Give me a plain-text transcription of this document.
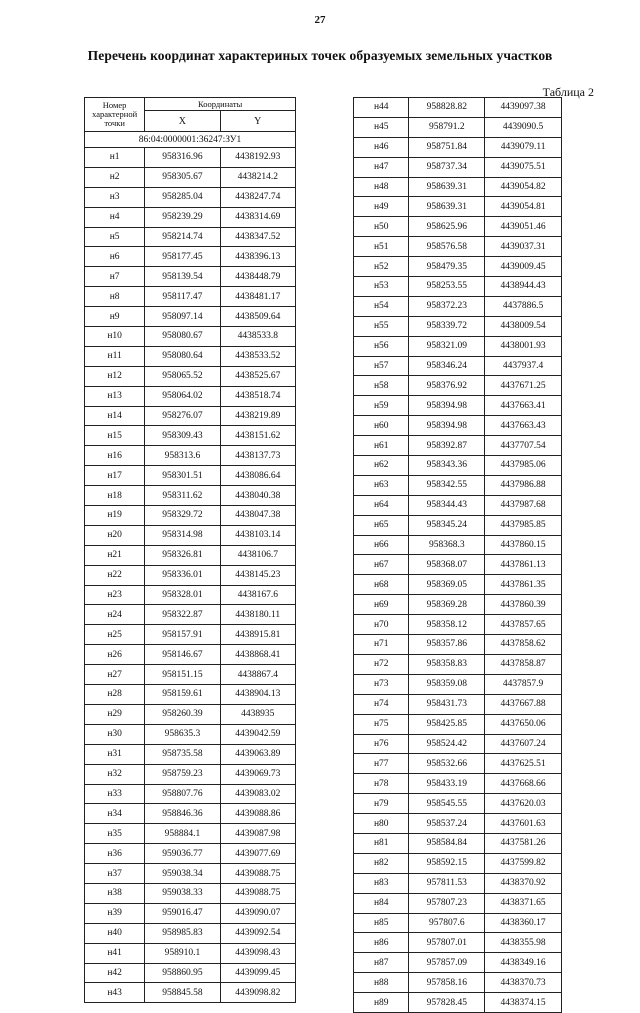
27
Перечень координат характериных точек образуемых земельных участков
Таблица 2
Номер характерной точки	Координаты	
	X	Y
86:04:0000001:36247:ЗУ1		
н1	958316.96	4438192.93
н2	958305.67	4438214.2
н3	958285.04	4438247.74
н4	958239.29	4438314.69
н5	958214.74	4438347.52
н6	958177.45	4438396.13
н7	958139.54	4438448.79
н8	958117.47	4438481.17
н9	958097.14	4438509.64
н10	958080.67	4438533.8
н11	958080.64	4438533.52
н12	958065.52	4438525.67
н13	958064.02	4438518.74
н14	958276.07	4438219.89
н15	958309.43	4438151.62
н16	958313.6	4438137.73
н17	958301.51	4438086.64
н18	958311.62	4438040.38
н19	958329.72	4438047.38
н20	958314.98	4438103.14
н21	958326.81	4438106.7
н22	958336.01	4438145.23
н23	958328.01	4438167.6
н24	958322.87	4438180.11
н25	958157.91	4438915.81
н26	958146.67	4438868.41
н27	958151.15	4438867.4
н28	958159.61	4438904.13
н29	958260.39	4438935
н30	958635.3	4439042.59
н31	958735.58	4439063.89
н32	958759.23	4439069.73
н33	958807.76	4439083.02
н34	958846.36	4439088.86
н35	958884.1	4439087.98
н36	959036.77	4439077.69
н37	959038.34	4439088.75
н38	959038.33	4439088.75
н39	959016.47	4439090.07
н40	958985.83	4439092.54
н41	958910.1	4439098.43
н42	958860.95	4439099.45
н43	958845.58	4439098.82
н44	958828.82	4439097.38
н45	958791.2	4439090.5
н46	958751.84	4439079.11
н47	958737.34	4439075.51
н48	958639.31	4439054.82
н49	958639.31	4439054.81
н50	958625.96	4439051.46
н51	958576.58	4439037.31
н52	958479.35	4439009.45
н53	958253.55	4438944.43
н54	958372.23	4437886.5
н55	958339.72	4438009.54
н56	958321.09	4438001.93
н57	958346.24	4437937.4
н58	958376.92	4437671.25
н59	958394.98	4437663.41
н60	958394.98	4437663.43
н61	958392.87	4437707.54
н62	958343.36	4437985.06
н63	958342.55	4437986.88
н64	958344.43	4437987.68
н65	958345.24	4437985.85
н66	958368.3	4437860.15
н67	958368.07	4437861.13
н68	958369.05	4437861.35
н69	958369.28	4437860.39
н70	958358.12	4437857.65
н71	958357.86	4437858.62
н72	958358.83	4437858.87
н73	958359.08	4437857.9
н74	958431.73	4437667.88
н75	958425.85	4437650.06
н76	958524.42	4437607.24
н77	958532.66	4437625.51
н78	958433.19	4437668.66
н79	958545.55	4437620.03
н80	958537.24	4437601.63
н81	958584.84	4437581.26
н82	958592.15	4437599.82
н83	957811.53	4438370.92
н84	957807.23	4438371.65
н85	957807.6	4438360.17
н86	957807.01	4438355.98
н87	957857.09	4438349.16
н88	957858.16	4438370.73
н89	957828.45	4438374.15
